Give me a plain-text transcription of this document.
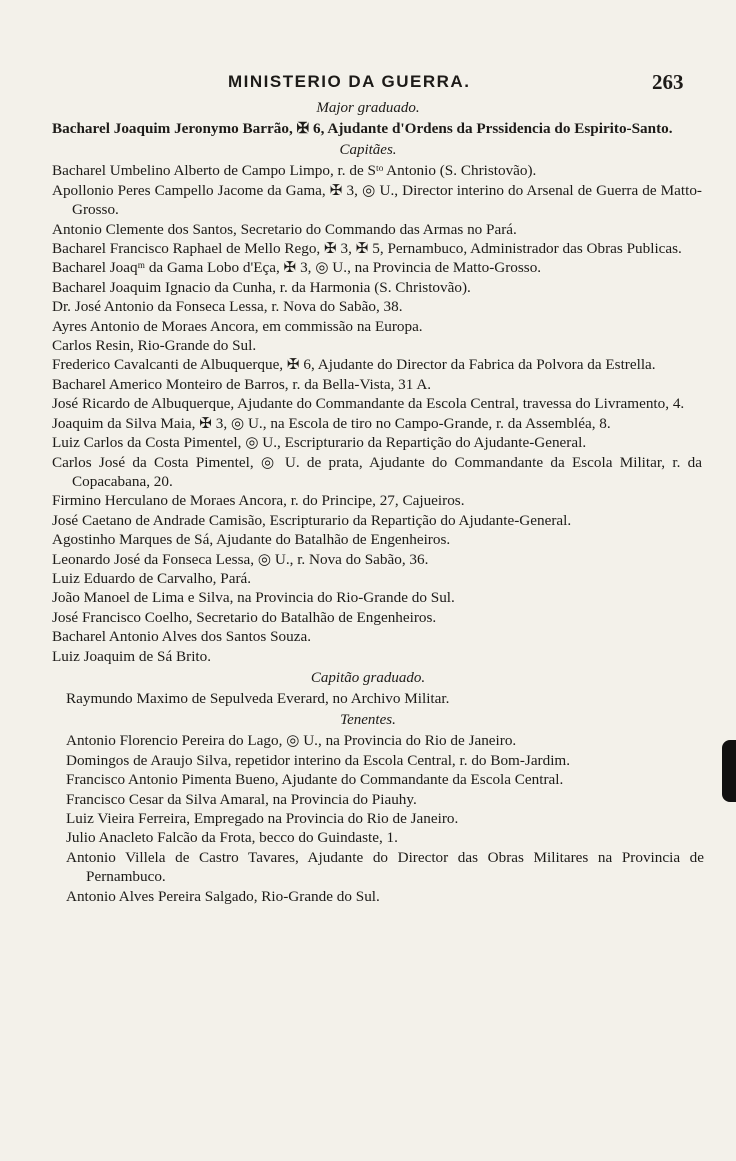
MINISTERIO DA GUERRA.	263
Major graduado.
Bacharel Joaquim Jeronymo Barrão, ✠ 6, Ajudante d'Ordens da Prssidencia do Espirito-Santo.
Capitães.
Bacharel Umbelino Alberto de Campo Limpo, r. de Sᵗᵒ Antonio (S. Christovão).
Apollonio Peres Campello Jacome da Gama, ✠ 3, ◎ U., Director interino do Arsenal de Guerra de Matto-Grosso.
Antonio Clemente dos Santos, Secretario do Commando das Armas no Pará.
Bacharel Francisco Raphael de Mello Rego, ✠ 3, ✠ 5, Pernambuco, Administrador das Obras Publicas.
Bacharel Joaqᵐ da Gama Lobo d'Eça, ✠ 3, ◎ U., na Provincia de Matto-Grosso.
Bacharel Joaquim Ignacio da Cunha, r. da Harmonia (S. Christovão).
Dr. José Antonio da Fonseca Lessa, r. Nova do Sabão, 38.
Ayres Antonio de Moraes Ancora, em commissão na Europa.
Carlos Resin, Rio-Grande do Sul.
Frederico Cavalcanti de Albuquerque, ✠ 6, Ajudante do Director da Fabrica da Polvora da Estrella.
Bacharel Americo Monteiro de Barros, r. da Bella-Vista, 31 A.
José Ricardo de Albuquerque, Ajudante do Commandante da Escola Central, travessa do Livramento, 4.
Joaquim da Silva Maia, ✠ 3, ◎ U., na Escola de tiro no Campo-Grande, r. da Assembléa, 8.
Luiz Carlos da Costa Pimentel, ◎ U., Escripturario da Repartição do Ajudante-General.
Carlos José da Costa Pimentel, ◎ U. de prata, Ajudante do Commandante da Escola Militar, r. da Copacabana, 20.
Firmino Herculano de Moraes Ancora, r. do Principe, 27, Cajueiros.
José Caetano de Andrade Camisão, Escripturario da Repartição do Ajudante-General.
Agostinho Marques de Sá, Ajudante do Batalhão de Engenheiros.
Leonardo José da Fonseca Lessa, ◎ U., r. Nova do Sabão, 36.
Luiz Eduardo de Carvalho, Pará.
João Manoel de Lima e Silva, na Provincia do Rio-Grande do Sul.
José Francisco Coelho, Secretario do Batalhão de Engenheiros.
Bacharel Antonio Alves dos Santos Souza.
Luiz Joaquim de Sá Brito.
Capitão graduado.
Raymundo Maximo de Sepulveda Everard, no Archivo Militar.
Tenentes.
Antonio Florencio Pereira do Lago, ◎ U., na Provincia do Rio de Janeiro.
Domingos de Araujo Silva, repetidor interino da Escola Central, r. do Bom-Jardim.
Francisco Antonio Pimenta Bueno, Ajudante do Commandante da Escola Central.
Francisco Cesar da Silva Amaral, na Provincia do Piauhy.
Luiz Vieira Ferreira, Empregado na Provincia do Rio de Janeiro.
Julio Anacleto Falcão da Frota, becco do Guindaste, 1.
Antonio Villela de Castro Tavares, Ajudante do Director das Obras Militares na Provincia de Pernambuco.
Antonio Alves Pereira Salgado, Rio-Grande do Sul.
